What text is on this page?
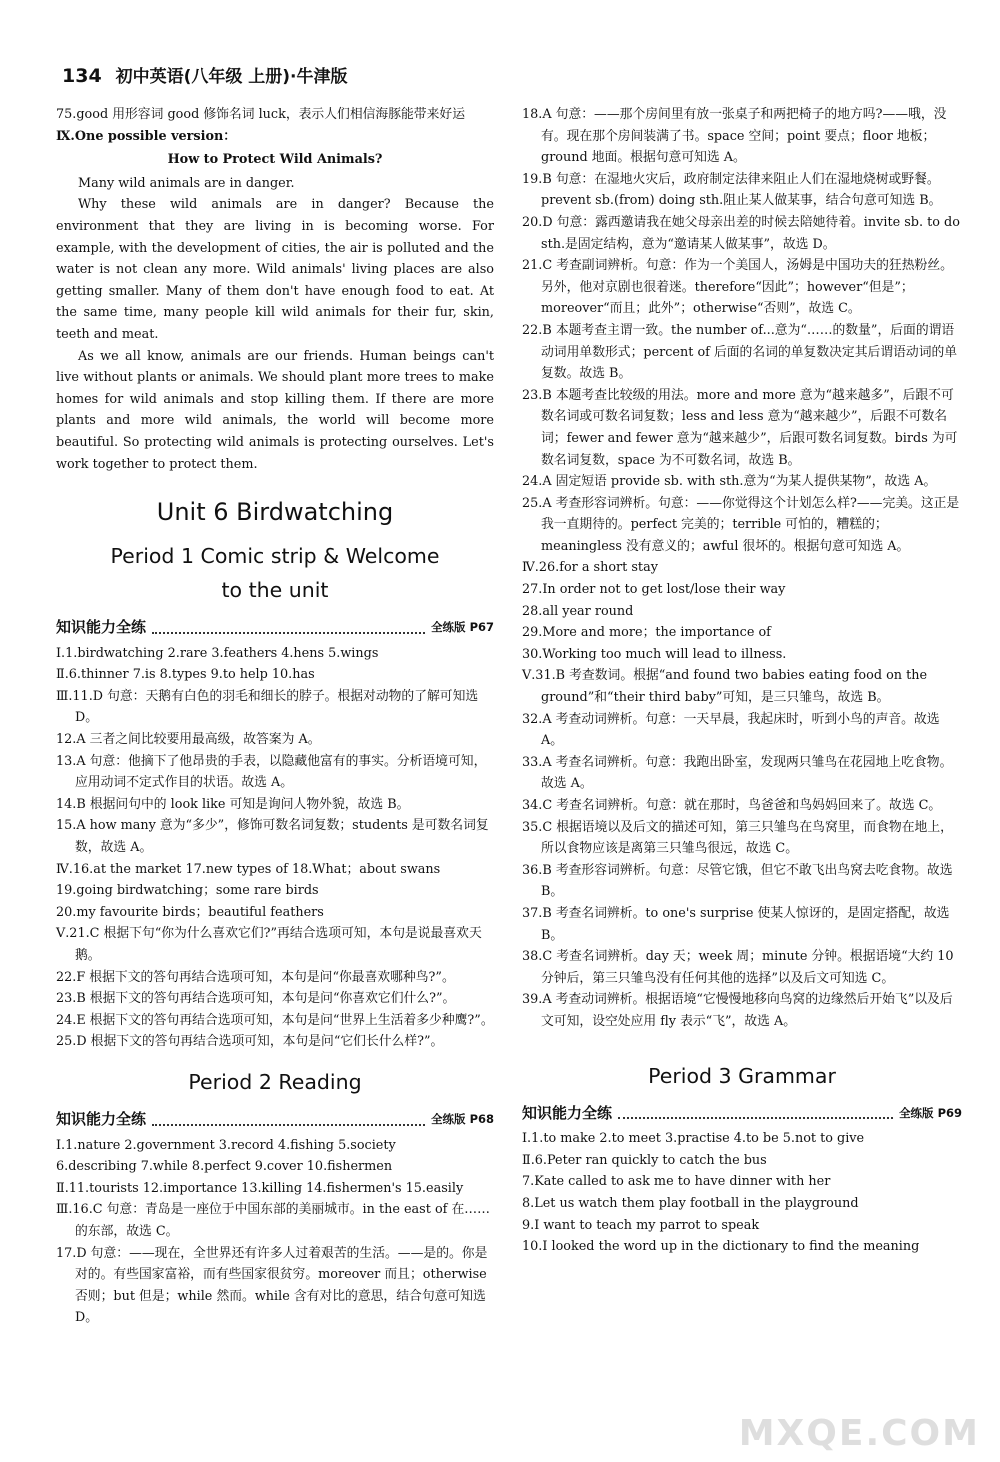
134 初中英语(八年级 上册)·牛津版

75.good 用形容词 good 修饰名词 luck，表示人们相信海豚能带来好运

Ⅸ.One possible version：

How to Protect Wild Animals?

Many wild animals are in danger.

Why these wild animals are in danger? Because the environment that they are living in is becoming worse. For example, with the development of cities, the air is polluted and the water is not clean any more. Wild animals' living places are also getting smaller. Many of them don't have enough food to eat. At the same time, many people kill wild animals for their fur, skin, teeth and meat.

As we all know, animals are our friends. Human beings can't live without plants or animals. We should plant more trees to make homes for wild animals and stop killing them. If there are more plants and more wild animals, the world will become more beautiful. So protecting wild animals is protecting ourselves. Let's work together to protect them.

Unit 6 Birdwatching
Period 1 Comic strip & Welcome
to the unit
知识能力全练	全练版 P67

Ⅰ.1.birdwatching 2.rare 3.feathers 4.hens 5.wings

Ⅱ.6.thinner 7.is 8.types 9.to help 10.has

Ⅲ.11.D 句意：天鹅有白色的羽毛和细长的脖子。根据对动物的了解可知选 D。

12.A 三者之间比较要用最高级，故答案为 A。

13.A 句意：他摘下了他昂贵的手表，以隐藏他富有的事实。分析语境可知，应用动词不定式作目的状语。故选 A。

14.B 根据问句中的 look like 可知是询问人物外貌，故选 B。

15.A how many 意为“多少”，修饰可数名词复数；students 是可数名词复数，故选 A。

Ⅳ.16.at the market 17.new types of 18.What；about swans

19.going birdwatching；some rare birds

20.my favourite birds；beautiful feathers

Ⅴ.21.C 根据下句“你为什么喜欢它们?”再结合选项可知，本句是说最喜欢天鹅。

22.F 根据下文的答句再结合选项可知，本句是问“你最喜欢哪种鸟?”。

23.B 根据下文的答句再结合选项可知，本句是问“你喜欢它们什么?”。

24.E 根据下文的答句再结合选项可知，本句是问“世界上生活着多少种鹰?”。

25.D 根据下文的答句再结合选项可知，本句是问“它们长什么样?”。

Period 2 Reading
知识能力全练	全练版 P68

Ⅰ.1.nature 2.government 3.record 4.fishing 5.society

6.describing 7.while 8.perfect 9.cover 10.fishermen

Ⅱ.11.tourists 12.importance 13.killing 14.fishermen's 15.easily

Ⅲ.16.C 句意：青岛是一座位于中国东部的美丽城市。in the east of 在……的东部，故选 C。

17.D 句意：——现在，全世界还有许多人过着艰苦的生活。——是的。你是对的。有些国家富裕，而有些国家很贫穷。moreover 而且；otherwise 否则；but 但是；while 然而。while 含有对比的意思，结合句意可知选 D。

18.A 句意：——那个房间里有放一张桌子和两把椅子的地方吗?——哦，没有。现在那个房间装满了书。space 空间；point 要点；floor 地板；ground 地面。根据句意可知选 A。

19.B 句意：在湿地火灾后，政府制定法律来阻止人们在湿地烧树或野餐。prevent sb.(from) doing sth.阻止某人做某事，结合句意可知选 B。

20.D 句意：露西邀请我在她父母亲出差的时候去陪她待着。invite sb. to do sth.是固定结构，意为“邀请某人做某事”，故选 D。

21.C 考查副词辨析。句意：作为一个美国人，汤姆是中国功夫的狂热粉丝。另外，他对京剧也很着迷。therefore“因此”；however“但是”；moreover“而且；此外”；otherwise“否则”，故选 C。

22.B 本题考查主谓一致。the number of...意为“……的数量”，后面的谓语动词用单数形式；percent of 后面的名词的单复数决定其后谓语动词的单复数。故选 B。

23.B 本题考查比较级的用法。more and more 意为“越来越多”，后跟不可数名词或可数名词复数；less and less 意为“越来越少”，后跟不可数名词；fewer and fewer 意为“越来越少”，后跟可数名词复数。birds 为可数名词复数，space 为不可数名词，故选 B。

24.A 固定短语 provide sb. with sth.意为“为某人提供某物”，故选 A。

25.A 考查形容词辨析。句意：——你觉得这个计划怎么样?——完美。这正是我一直期待的。perfect 完美的；terrible 可怕的，糟糕的；meaningless 没有意义的；awful 很坏的。根据句意可知选 A。

Ⅳ.26.for a short stay

27.In order not to get lost/lose their way

28.all year round

29.More and more；the importance of

30.Working too much will lead to illness.

Ⅴ.31.B 考查数词。根据“and found two babies eating food on the ground”和“their third baby”可知，是三只雏鸟，故选 B。

32.A 考查动词辨析。句意：一天早晨，我起床时，听到小鸟的声音。故选 A。

33.A 考查名词辨析。句意：我跑出卧室，发现两只雏鸟在花园地上吃食物。故选 A。

34.C 考查名词辨析。句意：就在那时，鸟爸爸和鸟妈妈回来了。故选 C。

35.C 根据语境以及后文的描述可知，第三只雏鸟在鸟窝里，而食物在地上，所以食物应该是离第三只雏鸟很远，故选 C。

36.B 考查形容词辨析。句意：尽管它饿，但它不敢飞出鸟窝去吃食物。故选 B。

37.B 考查名词辨析。to one's surprise 使某人惊讶的，是固定搭配，故选 B。

38.C 考查名词辨析。day 天；week 周；minute 分钟。根据语境“大约 10 分钟后，第三只雏鸟没有任何其他的选择”以及后文可知选 C。

39.A 考查动词辨析。根据语境“它慢慢地移向鸟窝的边缘然后开始飞”以及后文可知，设空处应用 fly 表示“飞”，故选 A。

Period 3 Grammar
知识能力全练	全练版 P69

Ⅰ.1.to make 2.to meet 3.practise 4.to be 5.not to give

Ⅱ.6.Peter ran quickly to catch the bus

7.Kate called to ask me to have dinner with her

8.Let us watch them play football in the playground

9.I want to teach my parrot to speak

10.I looked the word up in the dictionary to find the meaning

MXQE.COM
